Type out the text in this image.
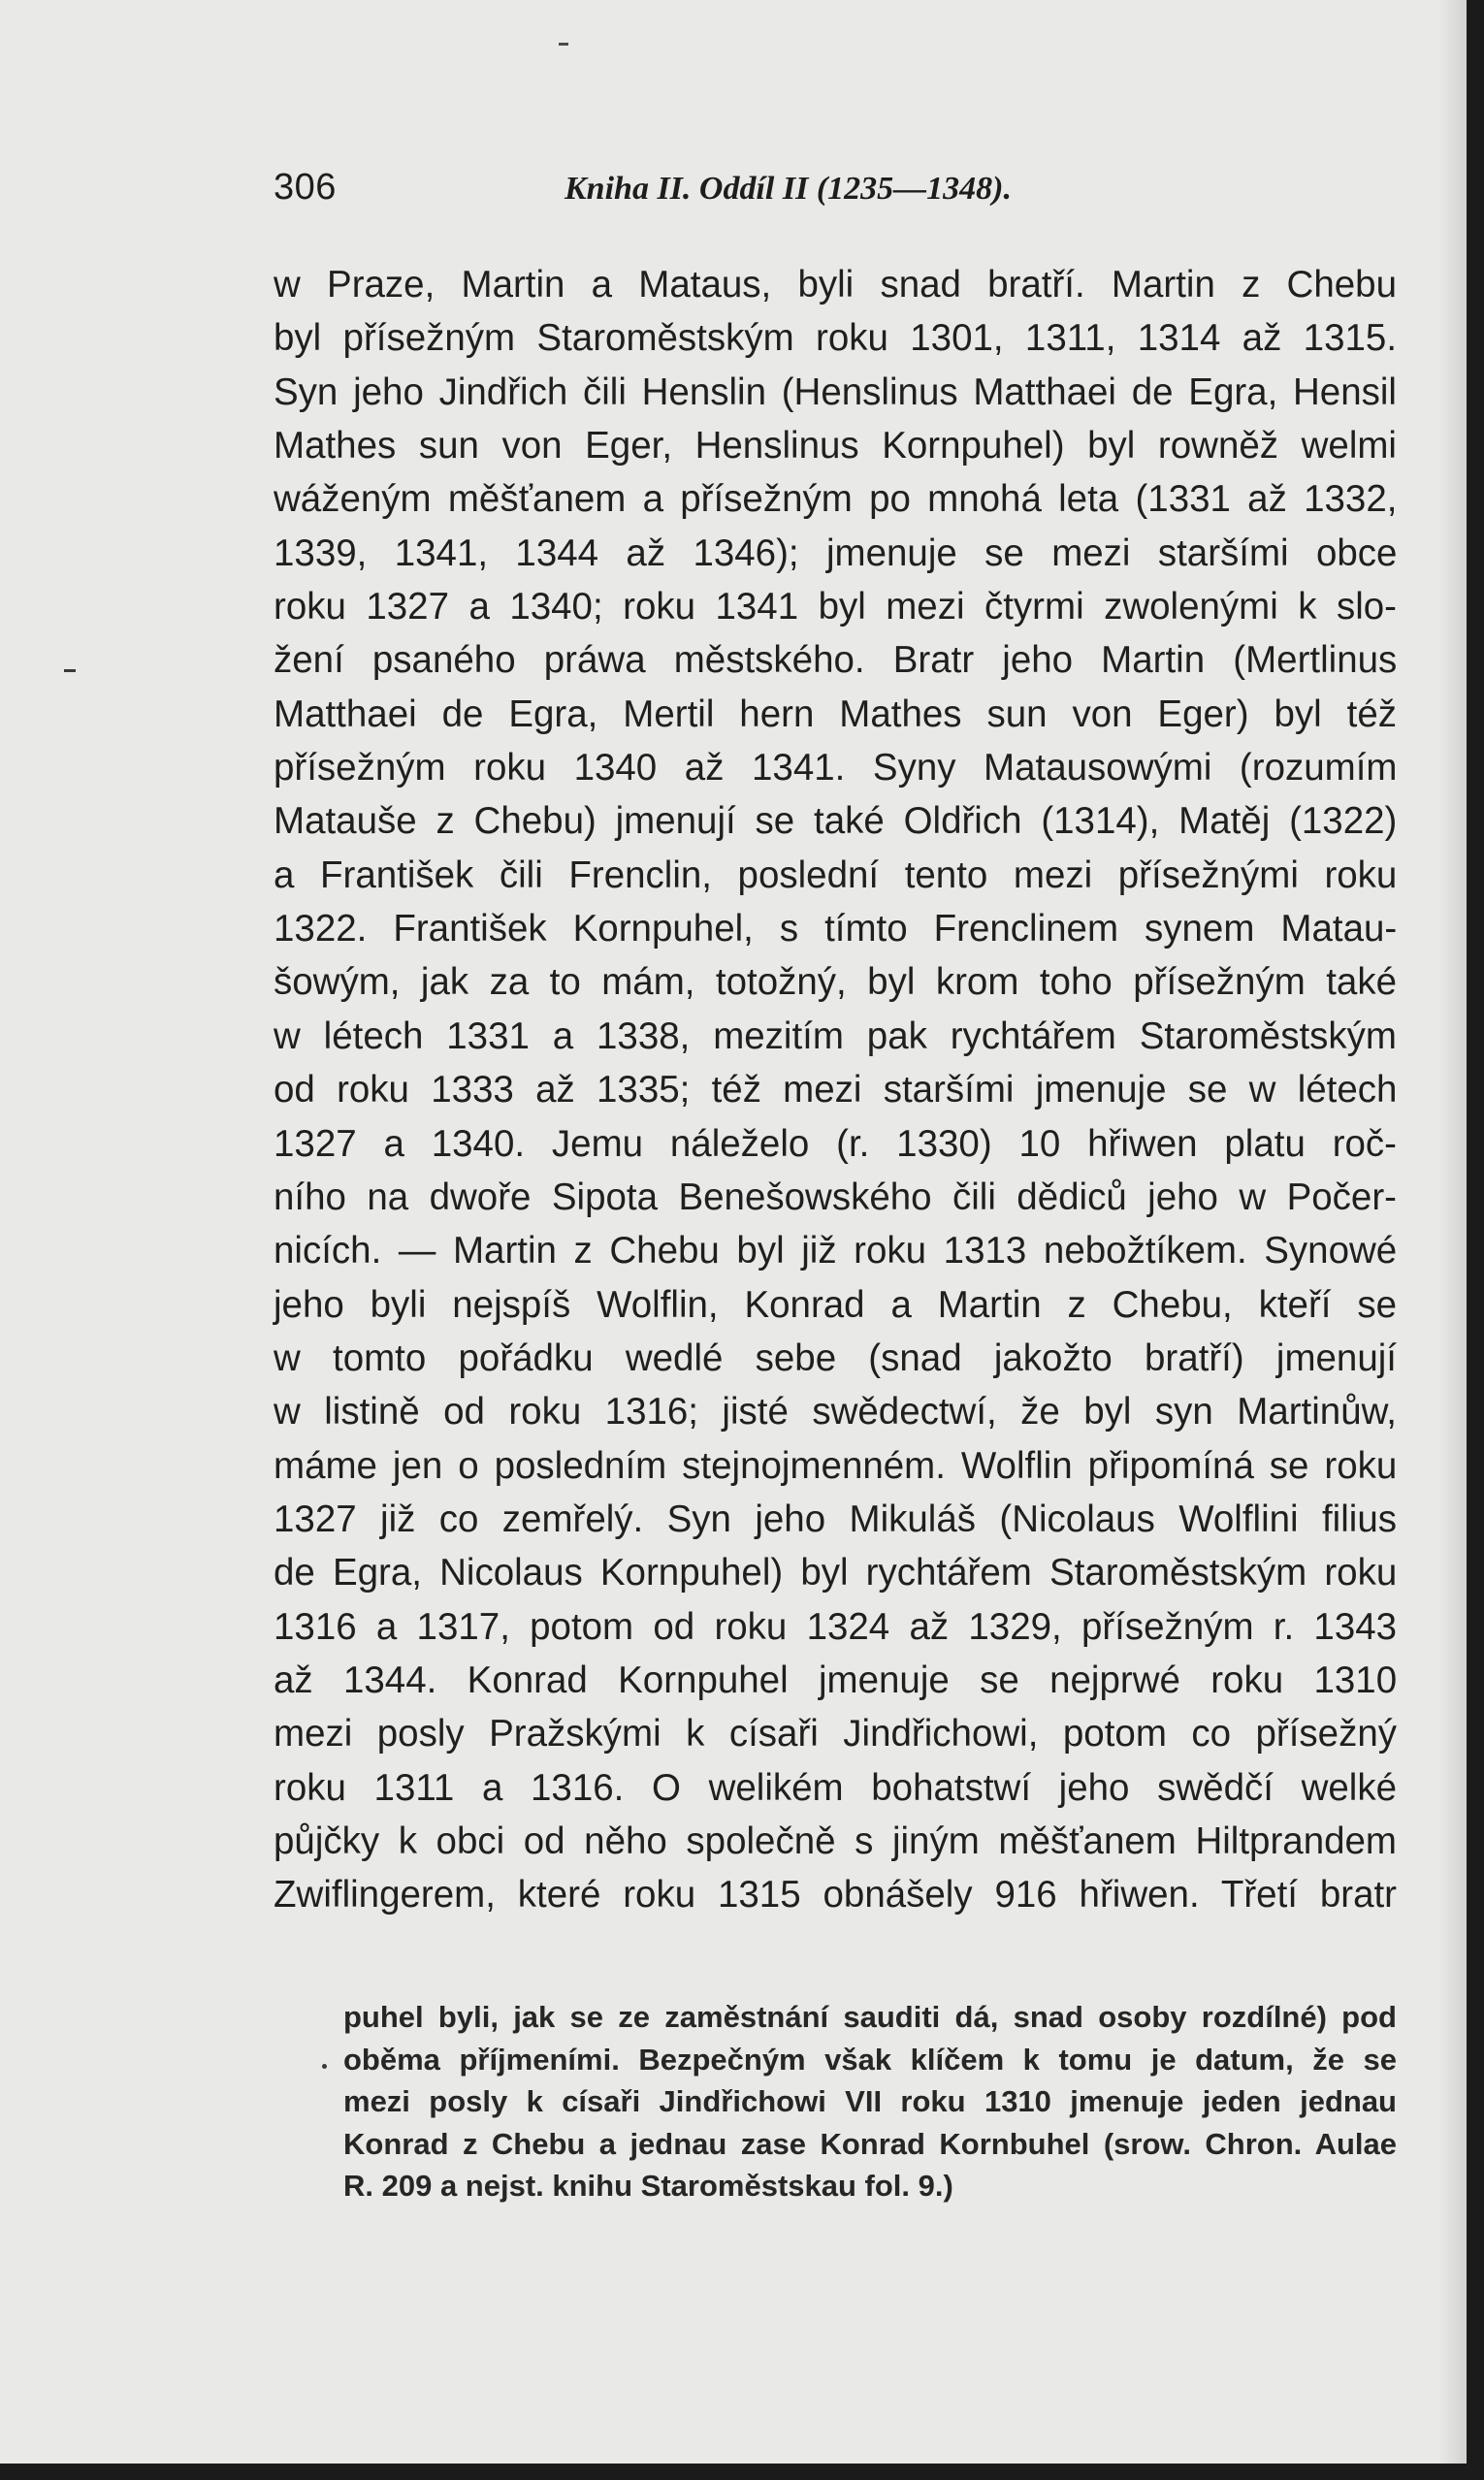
306	Kniha II. Oddíl II (1235—1348).
w Praze, Martin a Mataus, byli snad bratří. Martin z Chebu
byl přísežným Staroměstským roku 1301, 1311, 1314 až 1315.
Syn jeho Jindřich čili Henslin (Henslinus Matthaei de Egra, Hensil
Mathes sun von Eger, Henslinus Kornpuhel) byl rowněž welmi
wáženým měšťanem a přísežným po mnohá leta (1331 až 1332,
1339, 1341, 1344 až 1346); jmenuje se mezi staršími obce
roku 1327 a 1340; roku 1341 byl mezi čtyrmi zwolenými k slo-
žení psaného práwa městského. Bratr jeho Martin (Mertlinus
Matthaei de Egra, Mertil hern Mathes sun von Eger) byl též
přísežným roku 1340 až 1341. Syny Matausowými (rozumím
Matauše z Chebu) jmenují se také Oldřich (1314), Matěj (1322)
a František čili Frenclin, poslední tento mezi přísežnými roku
1322. František Kornpuhel, s tímto Frenclinem synem Matau-
šowým, jak za to mám, totožný, byl krom toho přísežným také
w létech 1331 a 1338, mezitím pak rychtářem Staroměstským
od roku 1333 až 1335; též mezi staršími jmenuje se w létech
1327 a 1340. Jemu náleželo (r. 1330) 10 hřiwen platu roč-
ního na dwoře Sipota Benešowského čili dědiců jeho w Počer-
nicích. — Martin z Chebu byl již roku 1313 nebožtíkem. Synowé
jeho byli nejspíš Wolflin, Konrad a Martin z Chebu, kteří se
w tomto pořádku wedlé sebe (snad jakožto bratří) jmenují
w listině od roku 1316; jisté swědectwí, že byl syn Martinůw,
máme jen o posledním stejnojmenném. Wolflin připomíná se roku
1327 již co zemřelý. Syn jeho Mikuláš (Nicolaus Wolflini filius
de Egra, Nicolaus Kornpuhel) byl rychtářem Staroměstským roku
1316 a 1317, potom od roku 1324 až 1329, přísežným r. 1343
až 1344. Konrad Kornpuhel jmenuje se nejprwé roku 1310
mezi posly Pražskými k císaři Jindřichowi, potom co přísežný
roku 1311 a 1316. O welikém bohatstwí jeho swědčí welké
půjčky k obci od něho společně s jiným měšťanem Hiltprandem
Zwiflingerem, které roku 1315 obnášely 916 hřiwen. Třetí bratr
puhel byli, jak se ze zaměstnání sauditi dá, snad osoby rozdílné) pod
oběma příjmeními. Bezpečným však klíčem k tomu je datum, že se
mezi posly k císaři Jindřichowi VII roku 1310 jmenuje jeden jednau
Konrad z Chebu a jednau zase Konrad Kornbuhel (srow. Chron. Aulae
R. 209 a nejst. knihu Staroměstskau fol. 9.)
